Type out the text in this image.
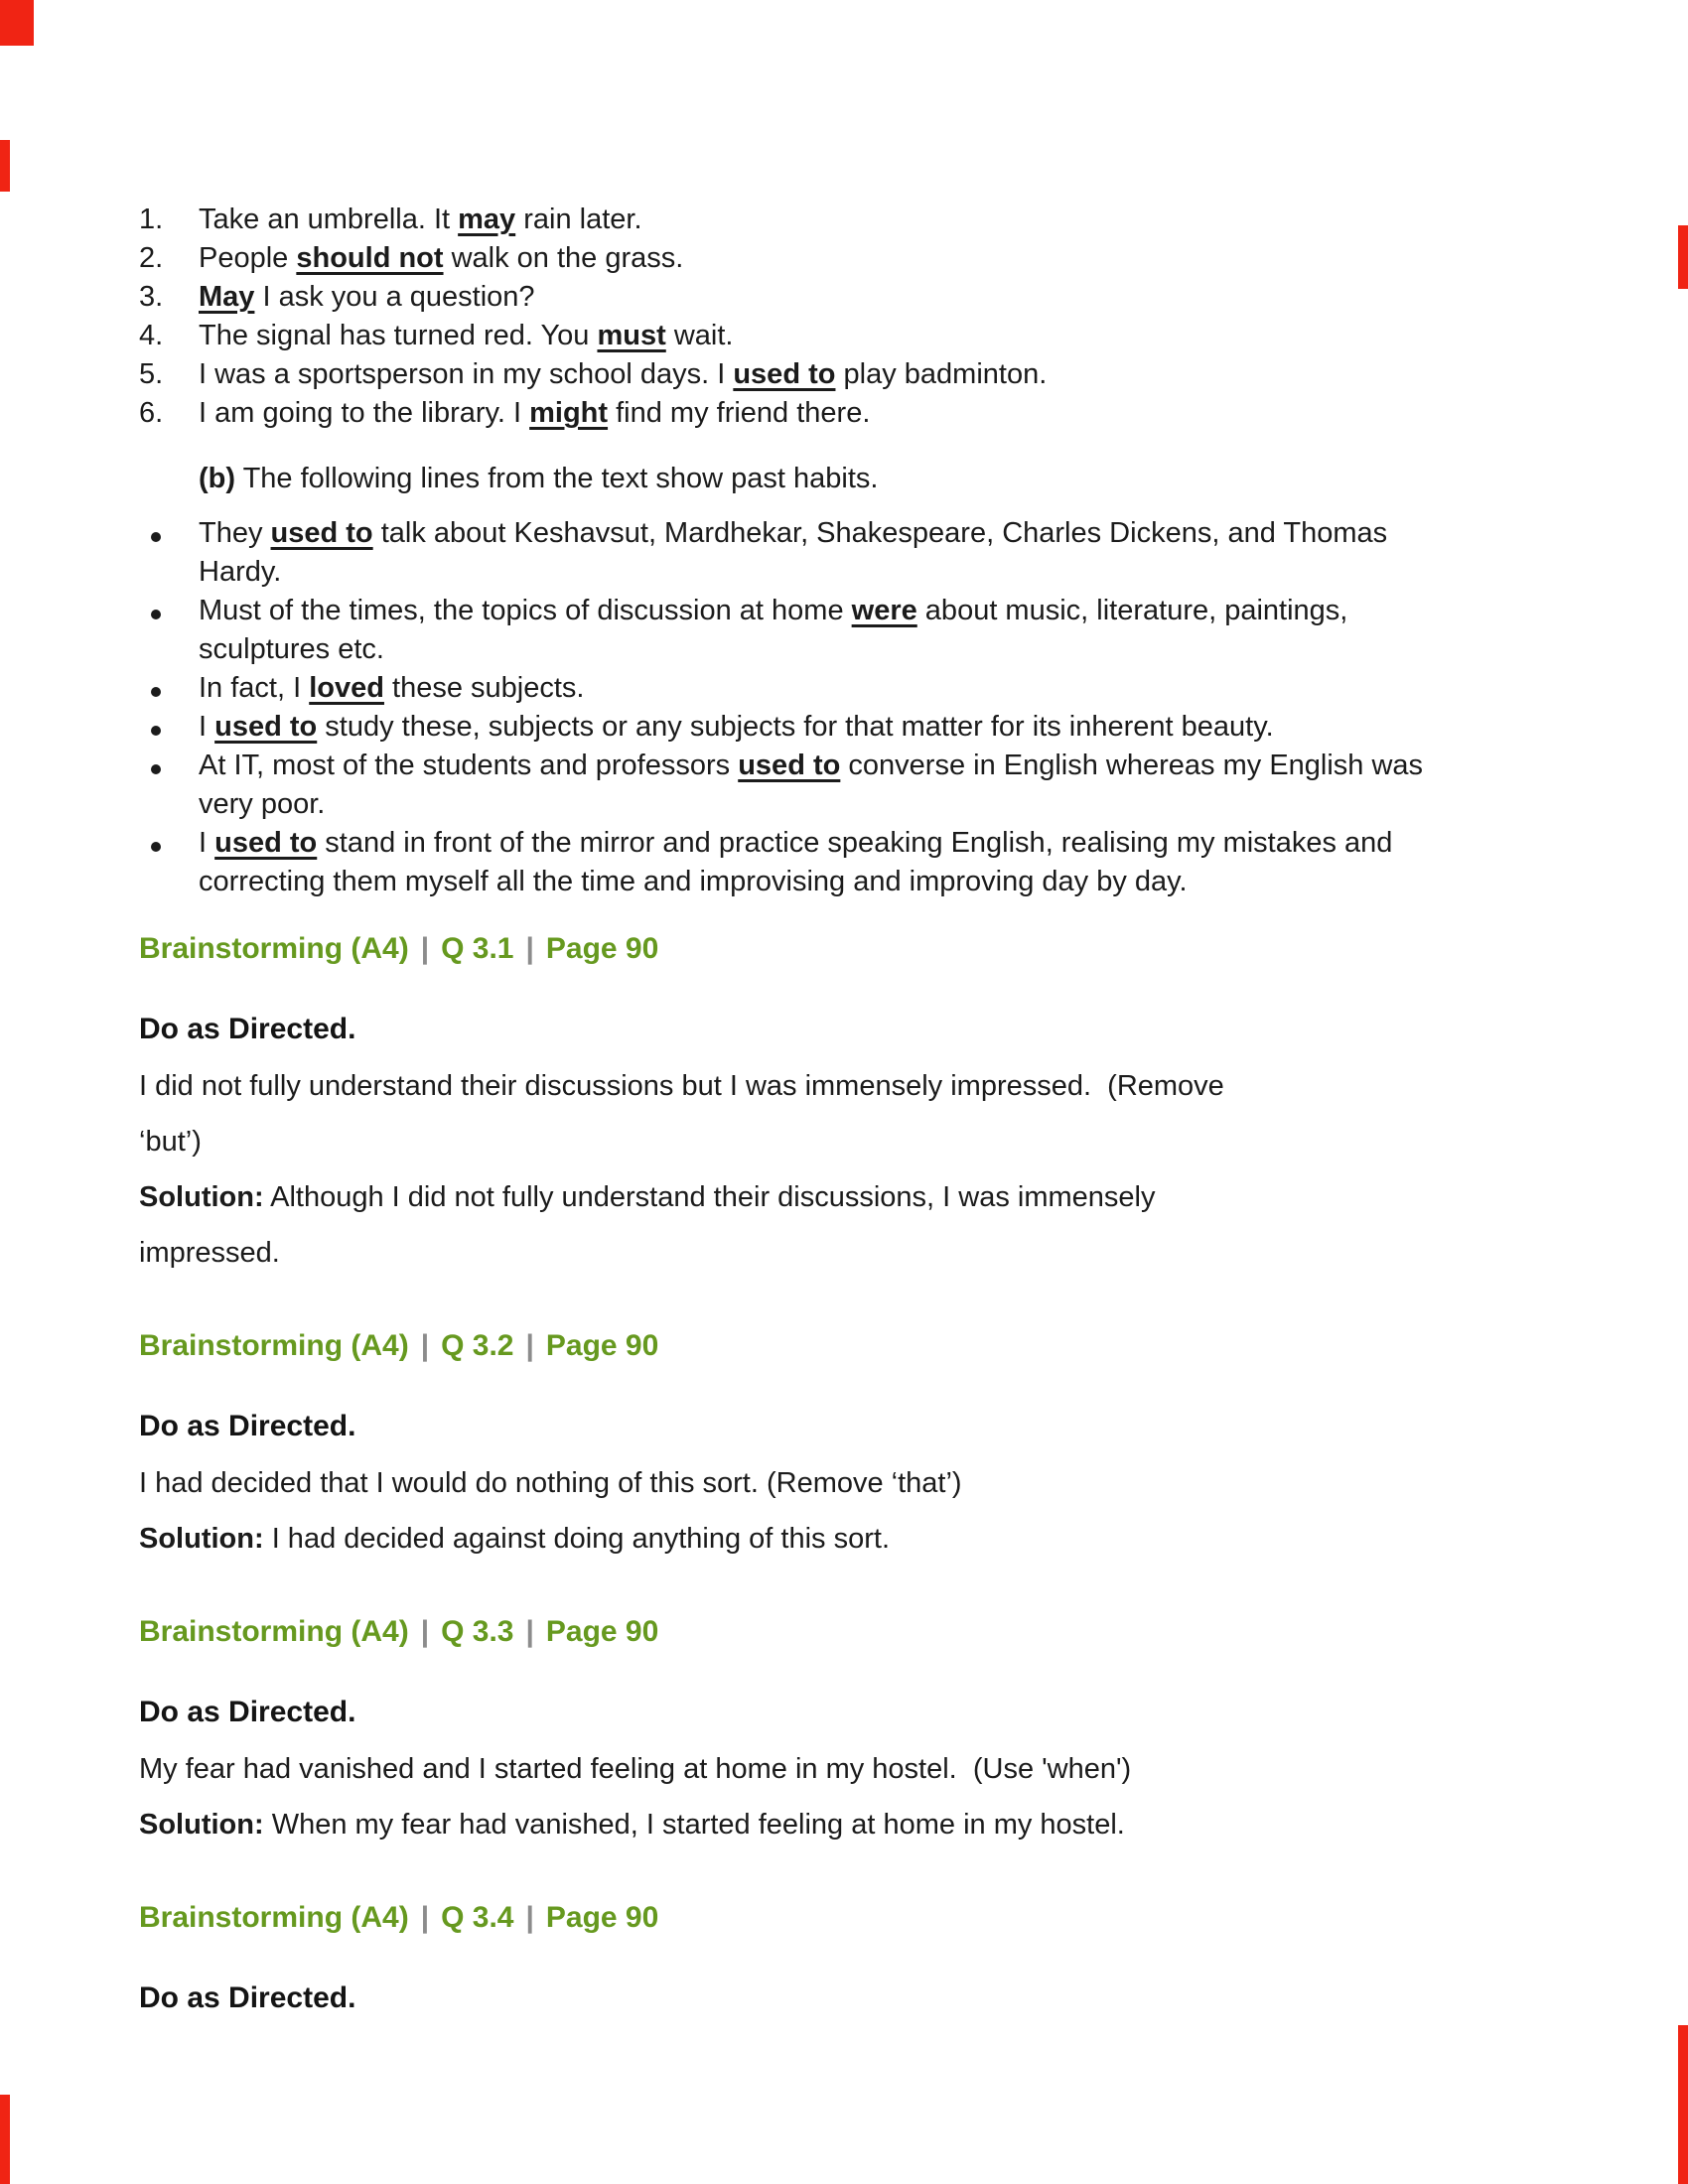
1.	Take an umbrella. It may rain later.
2.	People should not walk on the grass.
3.	May I ask you a question?
4.	The signal has turned red. You must wait.
5.	I was a sportsperson in my school days. I used to play badminton.
6.	I am going to the library. I might find my friend there.
(b) The following lines from the text show past habits.
They used to talk about Keshavsut, Mardhekar, Shakespeare, Charles Dickens, and Thomas Hardy.
Must of the times, the topics of discussion at home were about music, literature, paintings, sculptures etc.
In fact, I loved these subjects.
I used to study these, subjects or any subjects for that matter for its inherent beauty.
At IT, most of the students and professors used to converse in English whereas my English was very poor.
I used to stand in front of the mirror and practice speaking English, realising my mistakes and correcting them myself all the time and improvising and improving day by day.
Brainstorming (A4) | Q 3.1 | Page 90
Do as Directed.
I did not fully understand their discussions but I was immensely impressed.  (Remove
‘but’)
Solution: Although I did not fully understand their discussions, I was immensely
impressed.
Brainstorming (A4) | Q 3.2 | Page 90
Do as Directed.
I had decided that I would do nothing of this sort. (Remove ‘that’)
Solution: I had decided against doing anything of this sort.
Brainstorming (A4) | Q 3.3 | Page 90
Do as Directed.
My fear had vanished and I started feeling at home in my hostel.  (Use 'when')
Solution: When my fear had vanished, I started feeling at home in my hostel.
Brainstorming (A4) | Q 3.4 | Page 90
Do as Directed.
